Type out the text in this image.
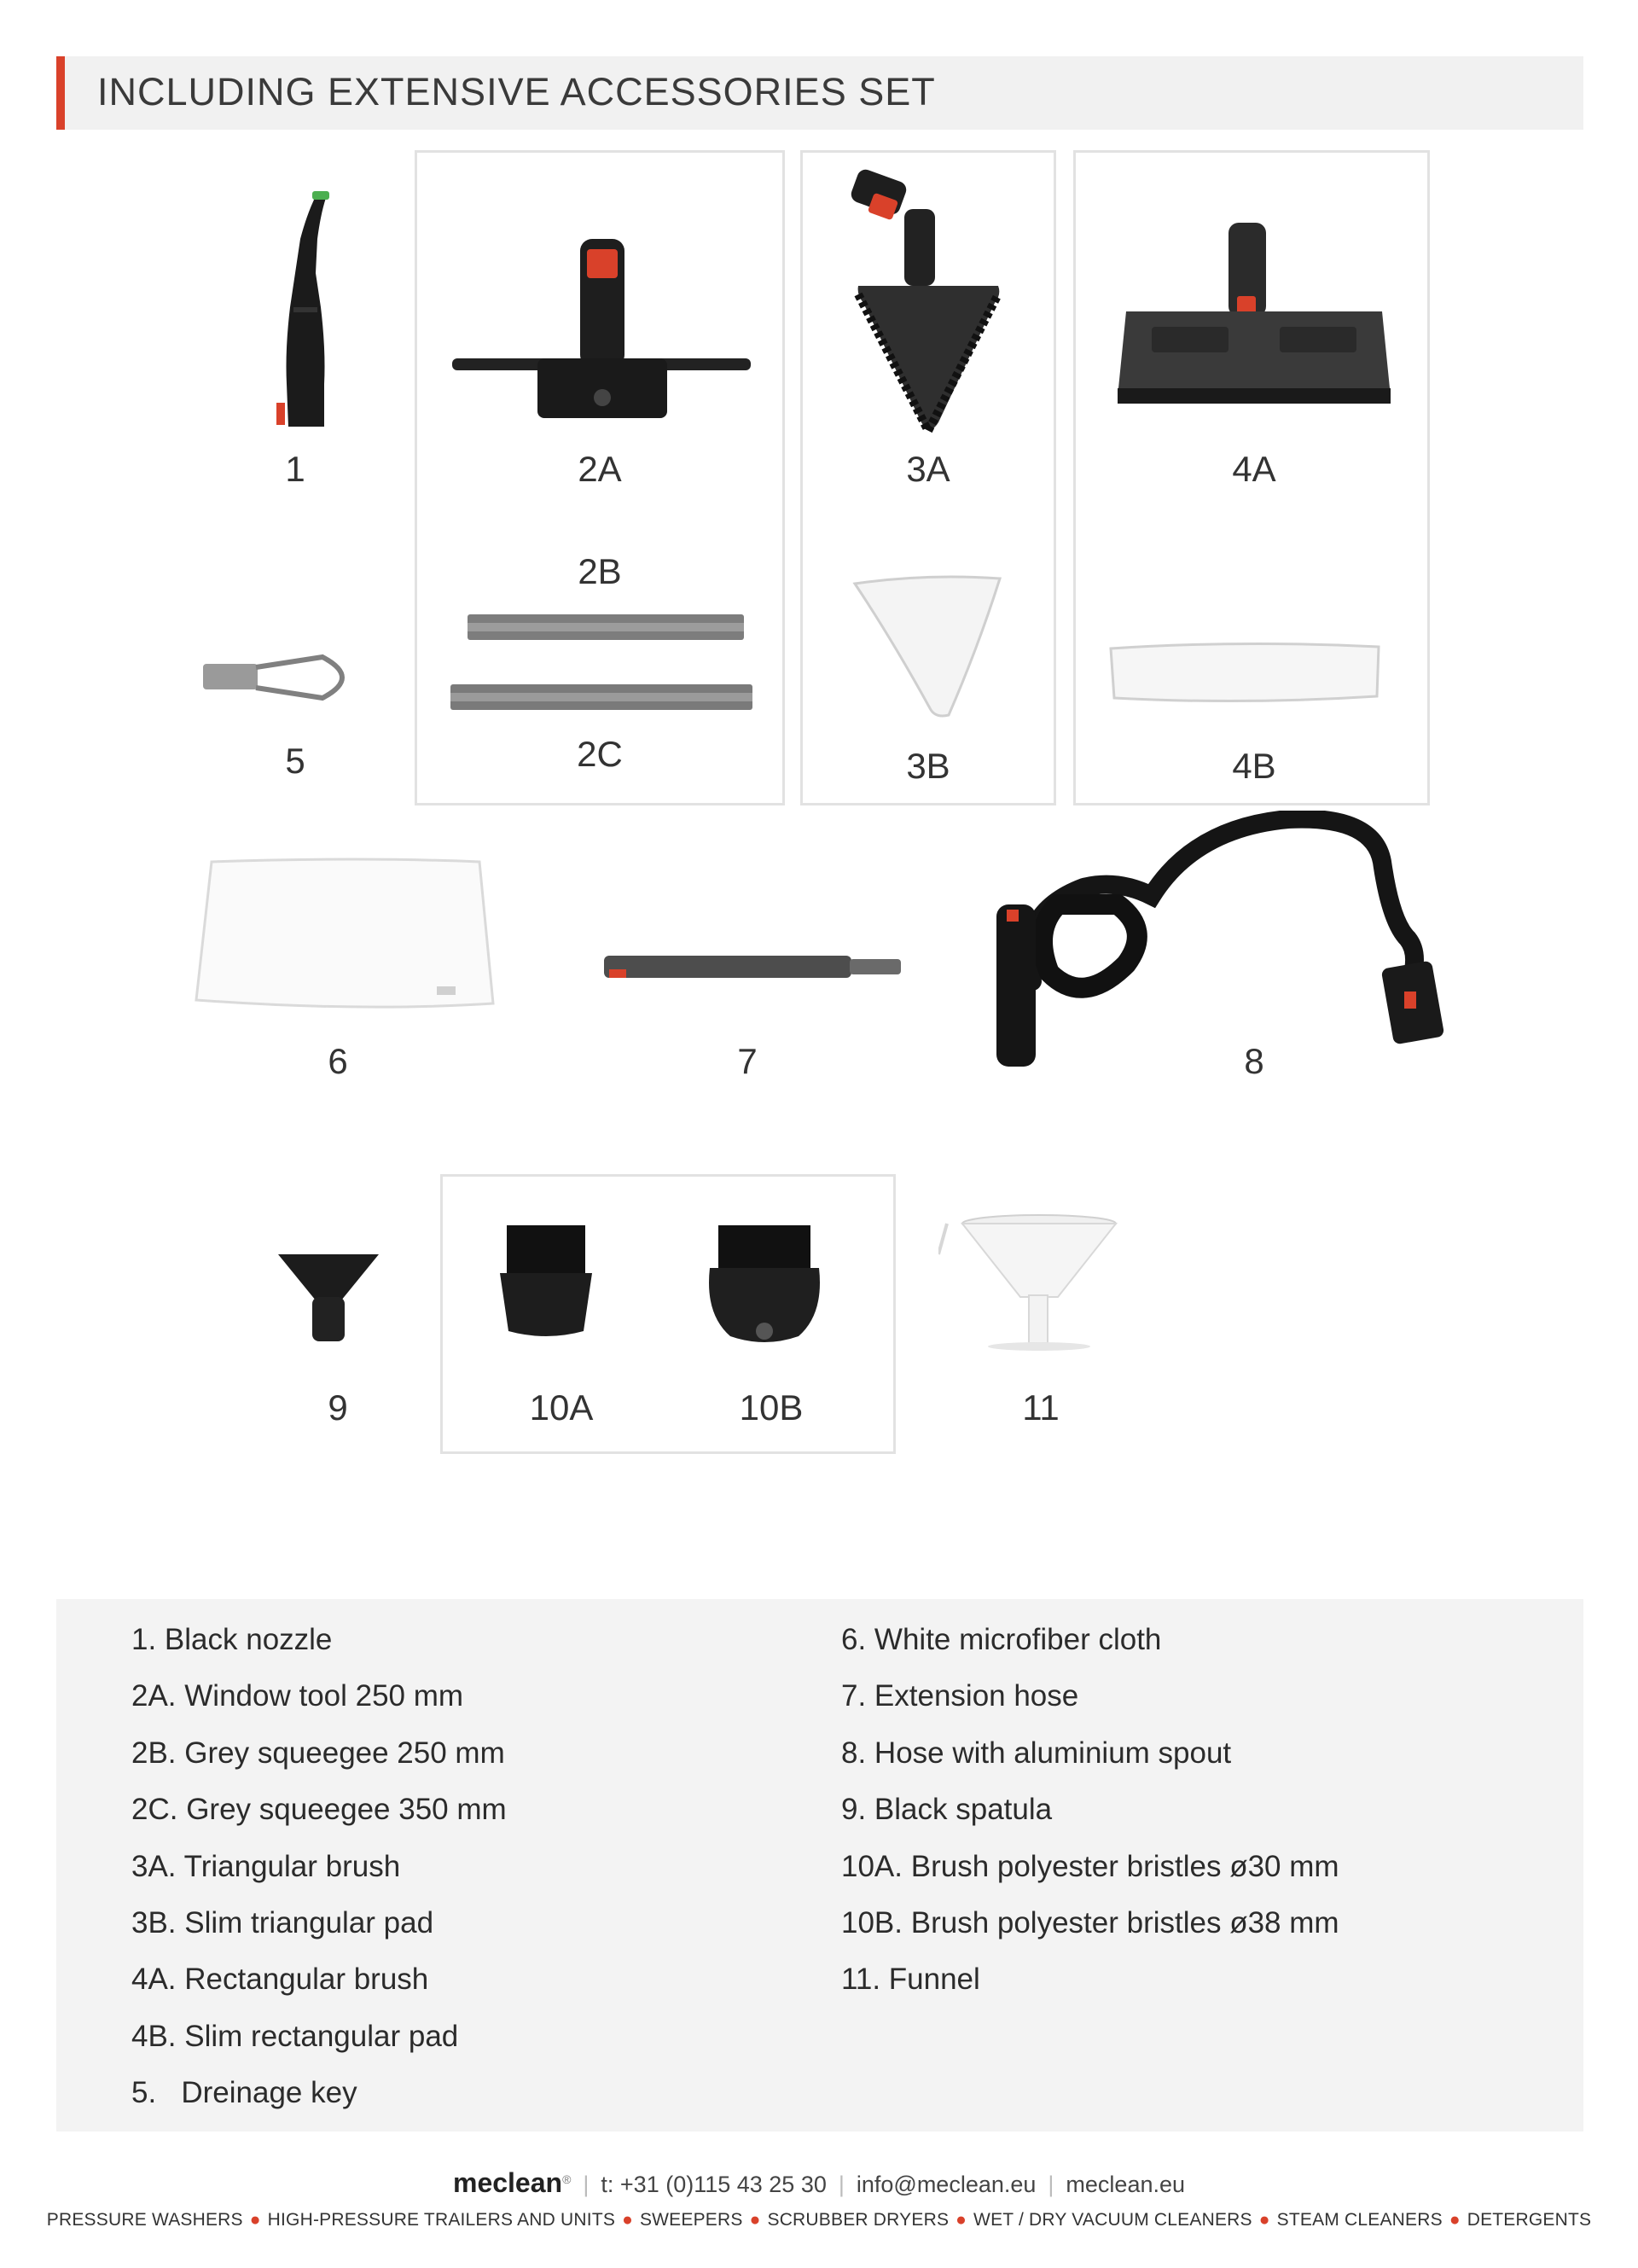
INCLUDING EXTENSIVE ACCESSORIES SET
1	2A	3A	4A
2B
5	2C	3B	4B
6	7	8
9	10A	10B	11
1. Black nozzle
2A. Window tool 250 mm
2B. Grey squeegee 250 mm
2C. Grey squeegee 350 mm
3A. Triangular brush
3B. Slim triangular pad
4A. Rectangular brush
4B. Slim rectangular pad
5.   Dreinage key
6. White microfiber cloth
7. Extension hose
8. Hose with aluminium spout
9. Black spatula
10A. Brush polyester bristles ø30 mm
10B. Brush polyester bristles ø38 mm
11. Funnel
meclean® | t: +31 (0)115 43 25 30 | info@meclean.eu | meclean.eu
PRESSURE WASHERS ● HIGH-PRESSURE TRAILERS AND UNITS ● SWEEPERS ● SCRUBBER DRYERS ● WET / DRY VACUUM CLEANERS ● STEAM CLEANERS ● DETERGENTS
